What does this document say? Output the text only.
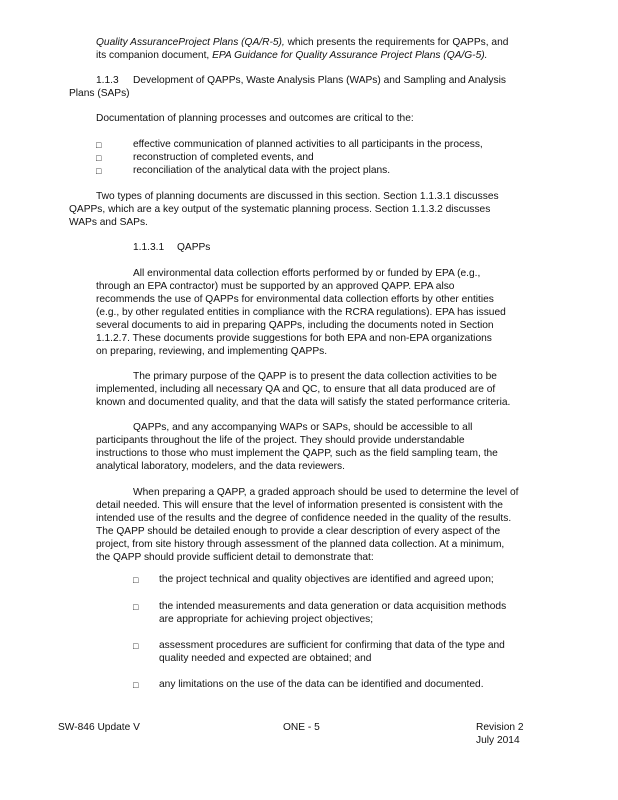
Quality AssuranceProject Plans (QA/R-5), which presents the requirements for QAPPs, and
its companion document, EPA Guidance for Quality Assurance Project Plans (QA/G-5).
1.1.3 Development of QAPPs, Waste Analysis Plans (WAPs) and Sampling and Analysis
Plans (SAPs)
Documentation of planning processes and outcomes are critical to the:
□	effective communication of planned activities to all participants in the process,
□	reconstruction of completed events, and
□	reconciliation of the analytical data with the project plans.
Two types of planning documents are discussed in this section. Section 1.1.3.1 discusses
QAPPs, which are a key output of the systematic planning process. Section 1.1.3.2 discusses
WAPs and SAPs.
1.1.3.1 QAPPs
All environmental data collection efforts performed by or funded by EPA (e.g.,
through an EPA contractor) must be supported by an approved QAPP. EPA also
recommends the use of QAPPs for environmental data collection efforts by other entities
(e.g., by other regulated entities in compliance with the RCRA regulations). EPA has issued
several documents to aid in preparing QAPPs, including the documents noted in Section
1.1.2.7. These documents provide suggestions for both EPA and non-EPA organizations
on preparing, reviewing, and implementing QAPPs.
The primary purpose of the QAPP is to present the data collection activities to be
implemented, including all necessary QA and QC, to ensure that all data produced are of
known and documented quality, and that the data will satisfy the stated performance criteria.
QAPPs, and any accompanying WAPs or SAPs, should be accessible to all
participants throughout the life of the project. They should provide understandable
instructions to those who must implement the QAPP, such as the field sampling team, the
analytical laboratory, modelers, and the data reviewers.
When preparing a QAPP, a graded approach should be used to determine the level of
detail needed. This will ensure that the level of information presented is consistent with the
intended use of the results and the degree of confidence needed in the quality of the results.
The QAPP should be detailed enough to provide a clear description of every aspect of the
project, from site history through assessment of the planned data collection. At a minimum,
the QAPP should provide sufficient detail to demonstrate that:
□ the project technical and quality objectives are identified and agreed upon;
□ the intended measurements and data generation or data acquisition methods
are appropriate for achieving project objectives;
□ assessment procedures are sufficient for confirming that data of the type and
quality needed and expected are obtained; and
□ any limitations on the use of the data can be identified and documented.
SW-846 Update V	ONE - 5	Revision 2
July 2014
